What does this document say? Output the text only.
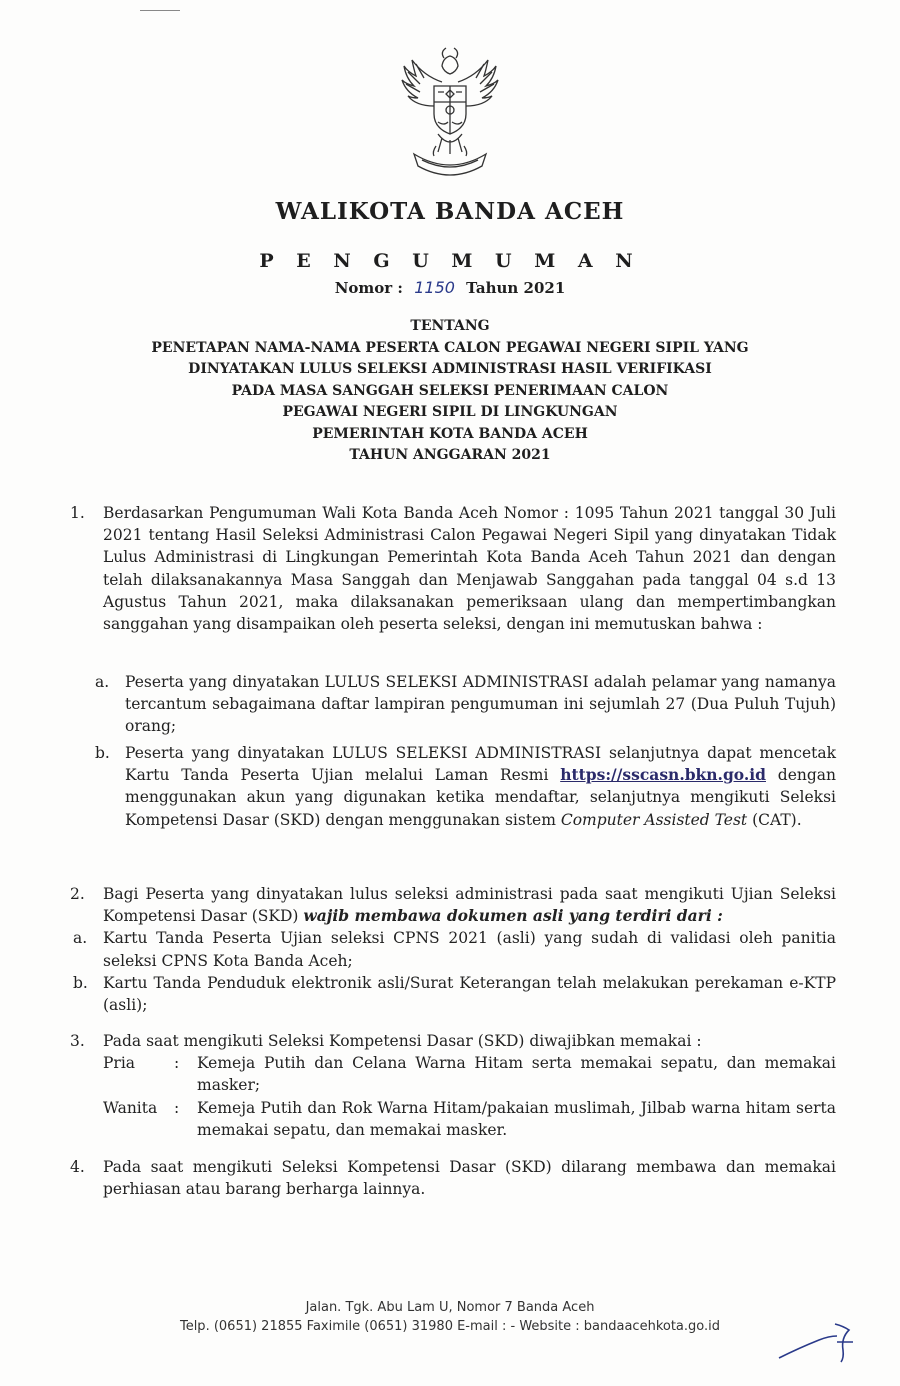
WALIKOTA BANDA ACEH
P E N G U M U M A N
Nomor : 1150 Tahun 2021
TENTANG
PENETAPAN NAMA-NAMA PESERTA CALON PEGAWAI NEGERI SIPIL YANG
DINYATAKAN LULUS SELEKSI ADMINISTRASI HASIL VERIFIKASI
PADA MASA SANGGAH SELEKSI PENERIMAAN CALON
PEGAWAI NEGERI SIPIL DI LINGKUNGAN
PEMERINTAH KOTA BANDA ACEH
TAHUN ANGGARAN 2021
1. Berdasarkan Pengumuman Wali Kota Banda Aceh Nomor : 1095 Tahun 2021 tanggal 30 Juli 2021 tentang Hasil Seleksi Administrasi Calon Pegawai Negeri Sipil yang dinyatakan Tidak Lulus Administrasi di Lingkungan Pemerintah Kota Banda Aceh Tahun 2021 dan dengan telah dilaksanakannya Masa Sanggah dan Menjawab Sanggahan pada tanggal 04 s.d 13 Agustus Tahun 2021, maka dilaksanakan pemeriksaan ulang dan mempertimbangkan sanggahan yang disampaikan oleh peserta seleksi, dengan ini memutuskan bahwa :
a. Peserta yang dinyatakan LULUS SELEKSI ADMINISTRASI adalah pelamar yang namanya tercantum sebagaimana daftar lampiran pengumuman ini sejumlah 27 (Dua Puluh Tujuh) orang;
b. Peserta yang dinyatakan LULUS SELEKSI ADMINISTRASI selanjutnya dapat mencetak Kartu Tanda Peserta Ujian melalui Laman Resmi https://sscasn.bkn.go.id dengan menggunakan akun yang digunakan ketika mendaftar, selanjutnya mengikuti Seleksi Kompetensi Dasar (SKD) dengan menggunakan sistem Computer Assisted Test (CAT).
2. Bagi Peserta yang dinyatakan lulus seleksi administrasi pada saat mengikuti Ujian Seleksi Kompetensi Dasar (SKD) wajib membawa dokumen asli yang terdiri dari :
a. Kartu Tanda Peserta Ujian seleksi CPNS 2021 (asli) yang sudah di validasi oleh panitia seleksi CPNS Kota Banda Aceh;
b. Kartu Tanda Penduduk elektronik asli/Surat Keterangan telah melakukan perekaman e-KTP (asli);
3. Pada saat mengikuti Seleksi Kompetensi Dasar (SKD) diwajibkan memakai :
Pria	:	Kemeja Putih dan Celana Warna Hitam serta memakai sepatu, dan memakai masker;
Wanita :	Kemeja Putih dan Rok Warna Hitam/pakaian muslimah, Jilbab warna hitam serta memakai sepatu, dan memakai masker.
4. Pada saat mengikuti Seleksi Kompetensi Dasar (SKD) dilarang membawa dan memakai perhiasan atau barang berharga lainnya.
Jalan. Tgk. Abu Lam U, Nomor 7 Banda Aceh
Telp. (0651) 21855 Faximile (0651) 31980 E-mail : - Website : bandaacehkota.go.id
